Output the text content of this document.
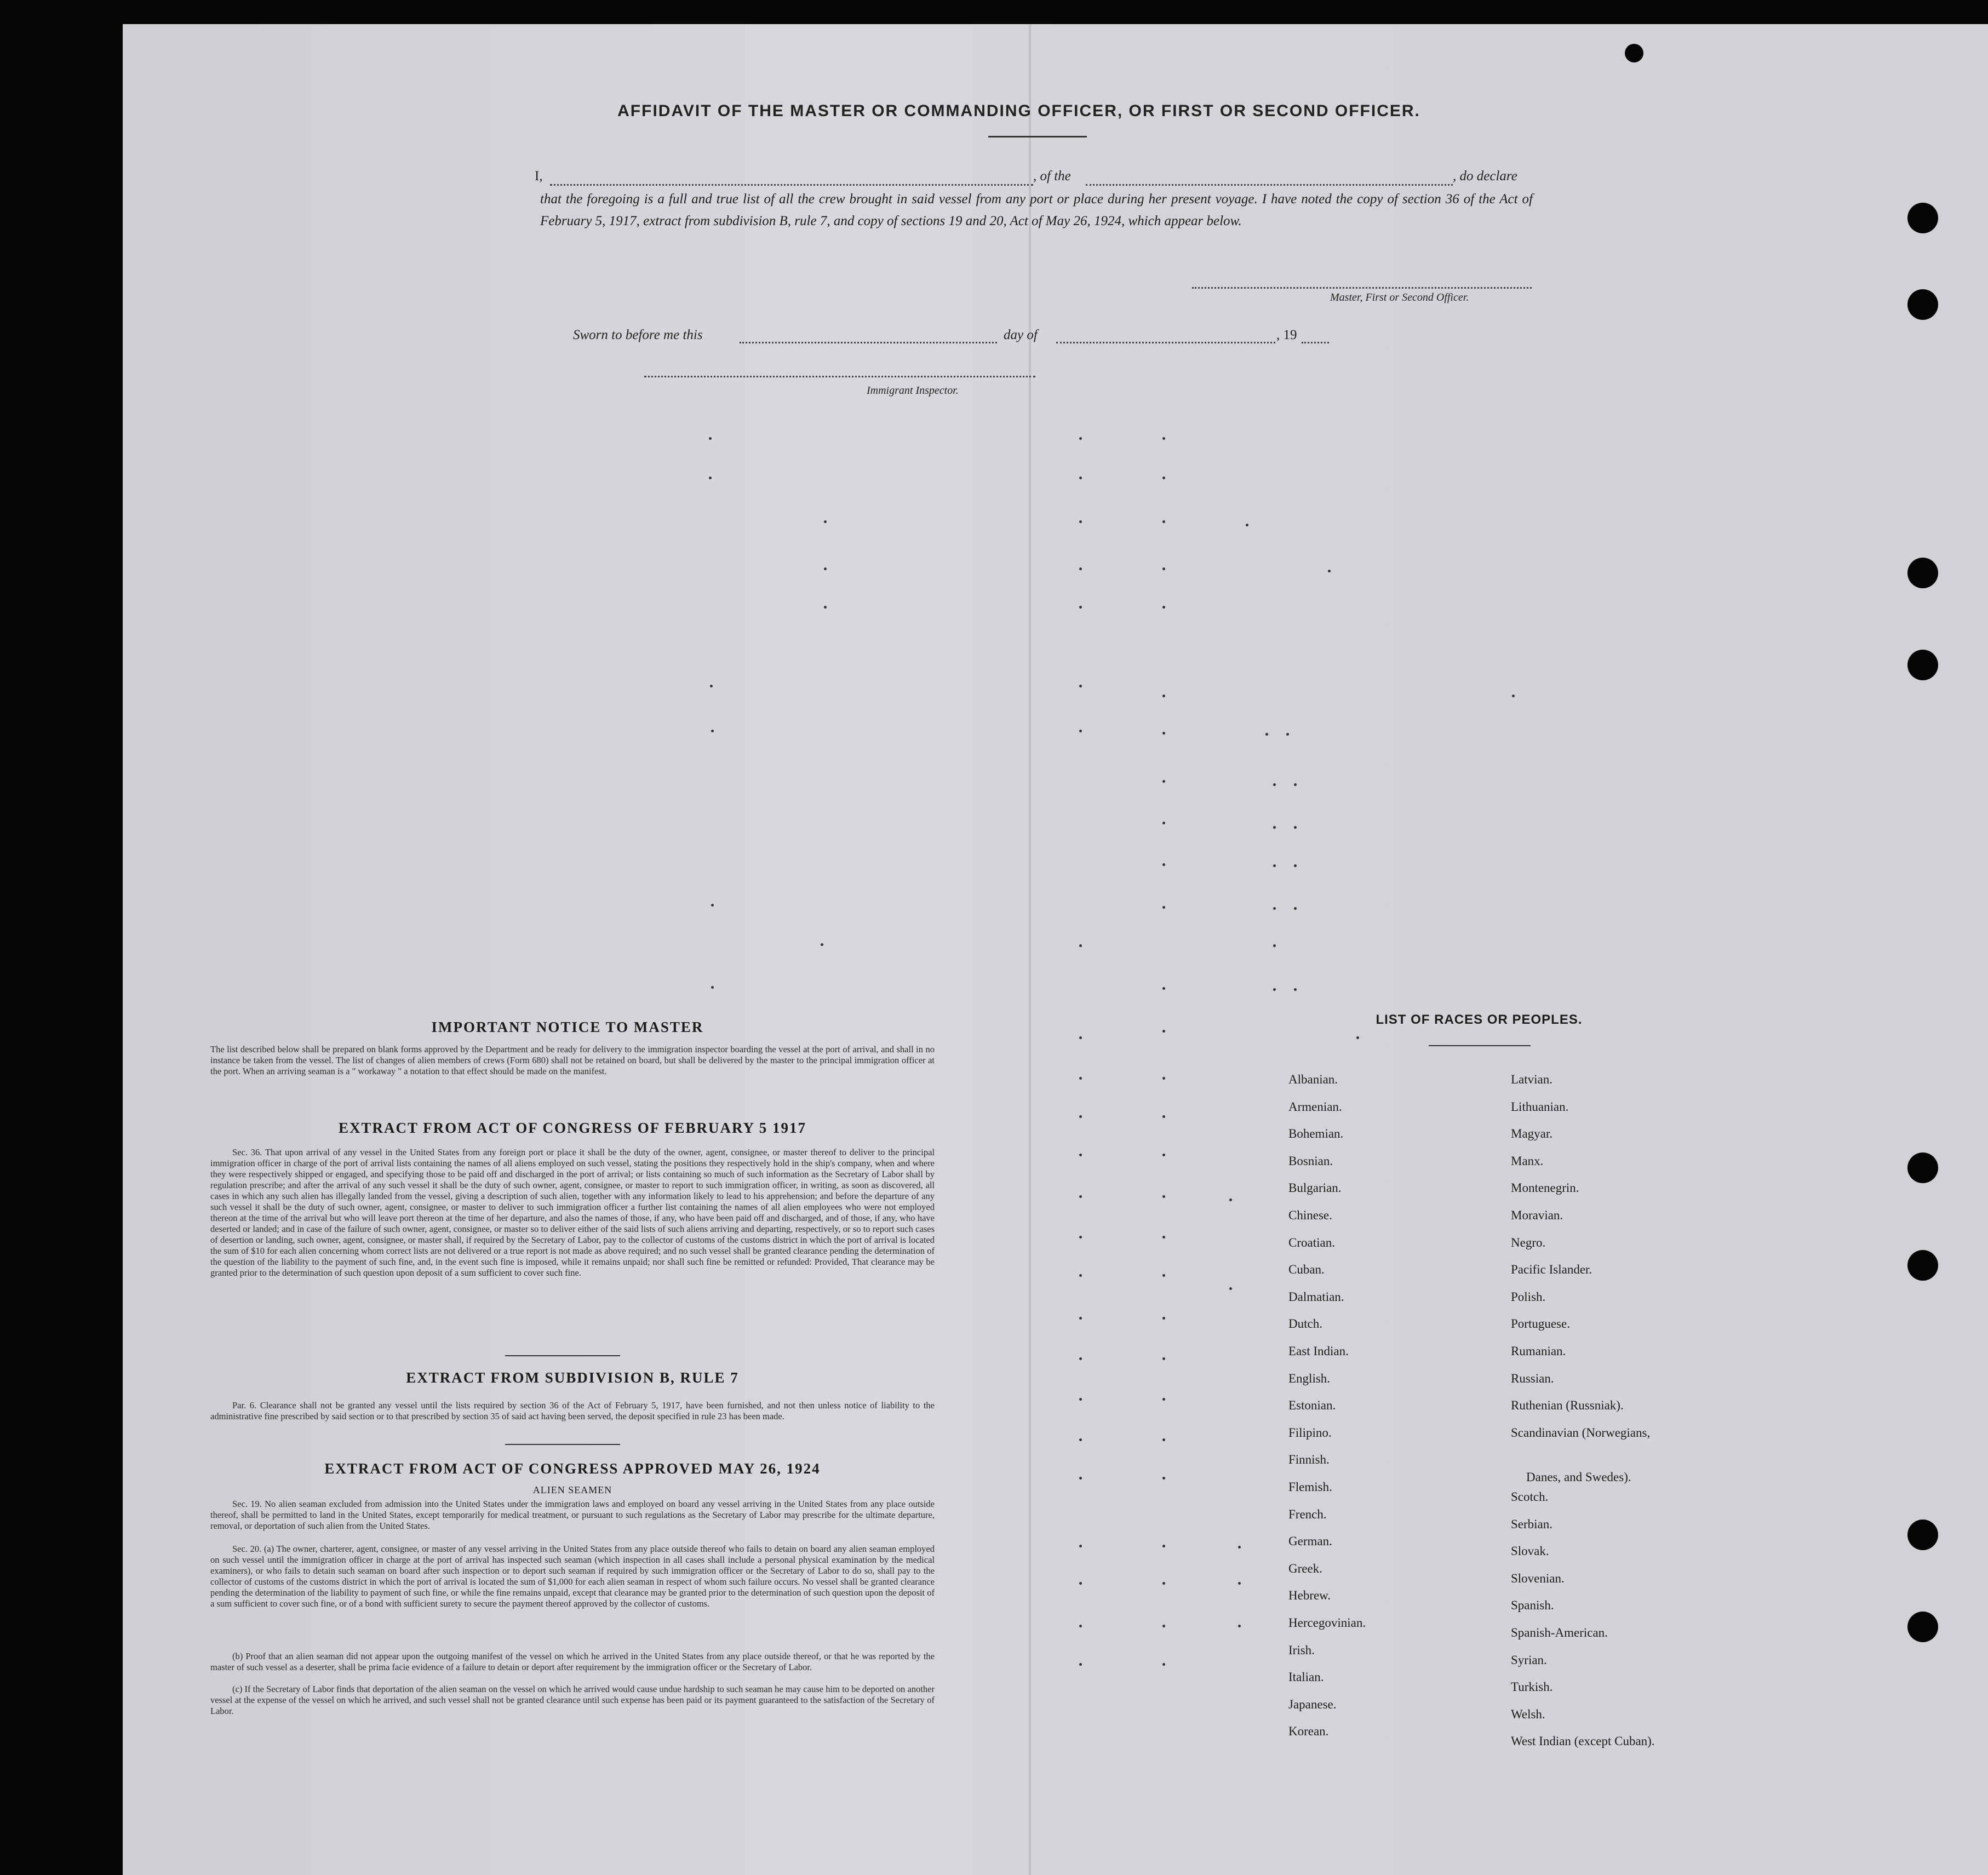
AFFIDAVIT OF THE MASTER OR COMMANDING OFFICER, OR FIRST OR SECOND OFFICER.
I,	, of the	, do declare
that the foregoing is a full and true list of all the crew brought in said vessel from any port or place during her present voyage. I have noted the copy of section 36 of the Act of February 5, 1917, extract from subdivision B, rule 7, and copy of sections 19 and 20, Act of May 26, 1924, which appear below.
Master, First or Second Officer.
Sworn to before me this	day of	, 19
Immigrant Inspector.
IMPORTANT NOTICE TO MASTER
The list described below shall be prepared on blank forms approved by the Department and be ready for delivery to the immigration inspector boarding the vessel at the port of arrival, and shall in no instance be taken from the vessel. The list of changes of alien members of crews (Form 680) shall not be retained on board, but shall be delivered by the master to the principal immigration officer at the port. When an arriving seaman is a " workaway " a notation to that effect should be made on the manifest.
EXTRACT FROM ACT OF CONGRESS OF FEBRUARY 5 1917
Sec. 36. That upon arrival of any vessel in the United States from any foreign port or place it shall be the duty of the owner, agent, consignee, or master thereof to deliver to the principal immigration officer in charge of the port of arrival lists containing the names of all aliens employed on such vessel, stating the positions they respectively hold in the ship's company, when and where they were respectively shipped or engaged, and specifying those to be paid off and discharged in the port of arrival; or lists containing so much of such information as the Secretary of Labor shall by regulation prescribe; and after the arrival of any such vessel it shall be the duty of such owner, agent, consignee, or master to report to such immigration officer, in writing, as soon as discovered, all cases in which any such alien has illegally landed from the vessel, giving a description of such alien, together with any information likely to lead to his apprehension; and before the departure of any such vessel it shall be the duty of such owner, agent, consignee, or master to deliver to such immigration officer a further list containing the names of all alien employees who were not employed thereon at the time of the arrival but who will leave port thereon at the time of her departure, and also the names of those, if any, who have been paid off and discharged, and of those, if any, who have deserted or landed; and in case of the failure of such owner, agent, consignee, or master so to deliver either of the said lists of such aliens arriving and departing, respectively, or so to report such cases of desertion or landing, such owner, agent, consignee, or master shall, if required by the Secretary of Labor, pay to the collector of customs of the customs district in which the port of arrival is located the sum of $10 for each alien concerning whom correct lists are not delivered or a true report is not made as above required; and no such vessel shall be granted clearance pending the determination of the question of the liability to the payment of such fine, and, in the event such fine is imposed, while it remains unpaid; nor shall such fine be remitted or refunded: Provided, That clearance may be granted prior to the determination of such question upon deposit of a sum sufficient to cover such fine.
EXTRACT FROM SUBDIVISION B, RULE 7
Par. 6. Clearance shall not be granted any vessel until the lists required by section 36 of the Act of February 5, 1917, have been furnished, and not then unless notice of liability to the administrative fine prescribed by said section or to that prescribed by section 35 of said act having been served, the deposit specified in rule 23 has been made.
EXTRACT FROM ACT OF CONGRESS APPROVED MAY 26, 1924
ALIEN SEAMEN
Sec. 19. No alien seaman excluded from admission into the United States under the immigration laws and employed on board any vessel arriving in the United States from any place outside thereof, shall be permitted to land in the United States, except temporarily for medical treatment, or pursuant to such regulations as the Secretary of Labor may prescribe for the ultimate departure, removal, or deportation of such alien from the United States.
Sec. 20. (a) The owner, charterer, agent, consignee, or master of any vessel arriving in the United States from any place outside thereof who fails to detain on board any alien seaman employed on such vessel until the immigration officer in charge at the port of arrival has inspected such seaman (which inspection in all cases shall include a personal physical examination by the medical examiners), or who fails to detain such seaman on board after such inspection or to deport such seaman if required by such immigration officer or the Secretary of Labor to do so, shall pay to the collector of customs of the customs district in which the port of arrival is located the sum of $1,000 for each alien seaman in respect of whom such failure occurs. No vessel shall be granted clearance pending the determination of the liability to payment of such fine, or while the fine remains unpaid, except that clearance may be granted prior to the determination of such question upon the deposit of a sum sufficient to cover such fine, or of a bond with sufficient surety to secure the payment thereof approved by the collector of customs.
(b) Proof that an alien seaman did not appear upon the outgoing manifest of the vessel on which he arrived in the United States from any place outside thereof, or that he was reported by the master of such vessel as a deserter, shall be prima facie evidence of a failure to detain or deport after requirement by the immigration officer or the Secretary of Labor.
(c) If the Secretary of Labor finds that deportation of the alien seaman on the vessel on which he arrived would cause undue hardship to such seaman he may cause him to be deported on another vessel at the expense of the vessel on which he arrived, and such vessel shall not be granted clearance until such expense has been paid or its payment guaranteed to the satisfaction of the Secretary of Labor.
LIST OF RACES OR PEOPLES.
Albanian.
Armenian.
Bohemian.
Bosnian.
Bulgarian.
Chinese.
Croatian.
Cuban.
Dalmatian.
Dutch.
East Indian.
English.
Estonian.
Filipino.
Finnish.
Flemish.
French.
German.
Greek.
Hebrew.
Hercegovinian.
Irish.
Italian.
Japanese.
Korean.
Latvian.
Lithuanian.
Magyar.
Manx.
Montenegrin.
Moravian.
Negro.
Pacific Islander.
Polish.
Portuguese.
Rumanian.
Russian.
Ruthenian (Russniak).
Scandinavian (Norwegians,
Danes, and Swedes).
Scotch.
Serbian.
Slovak.
Slovenian.
Spanish.
Spanish-American.
Syrian.
Turkish.
Welsh.
West Indian (except Cuban).
